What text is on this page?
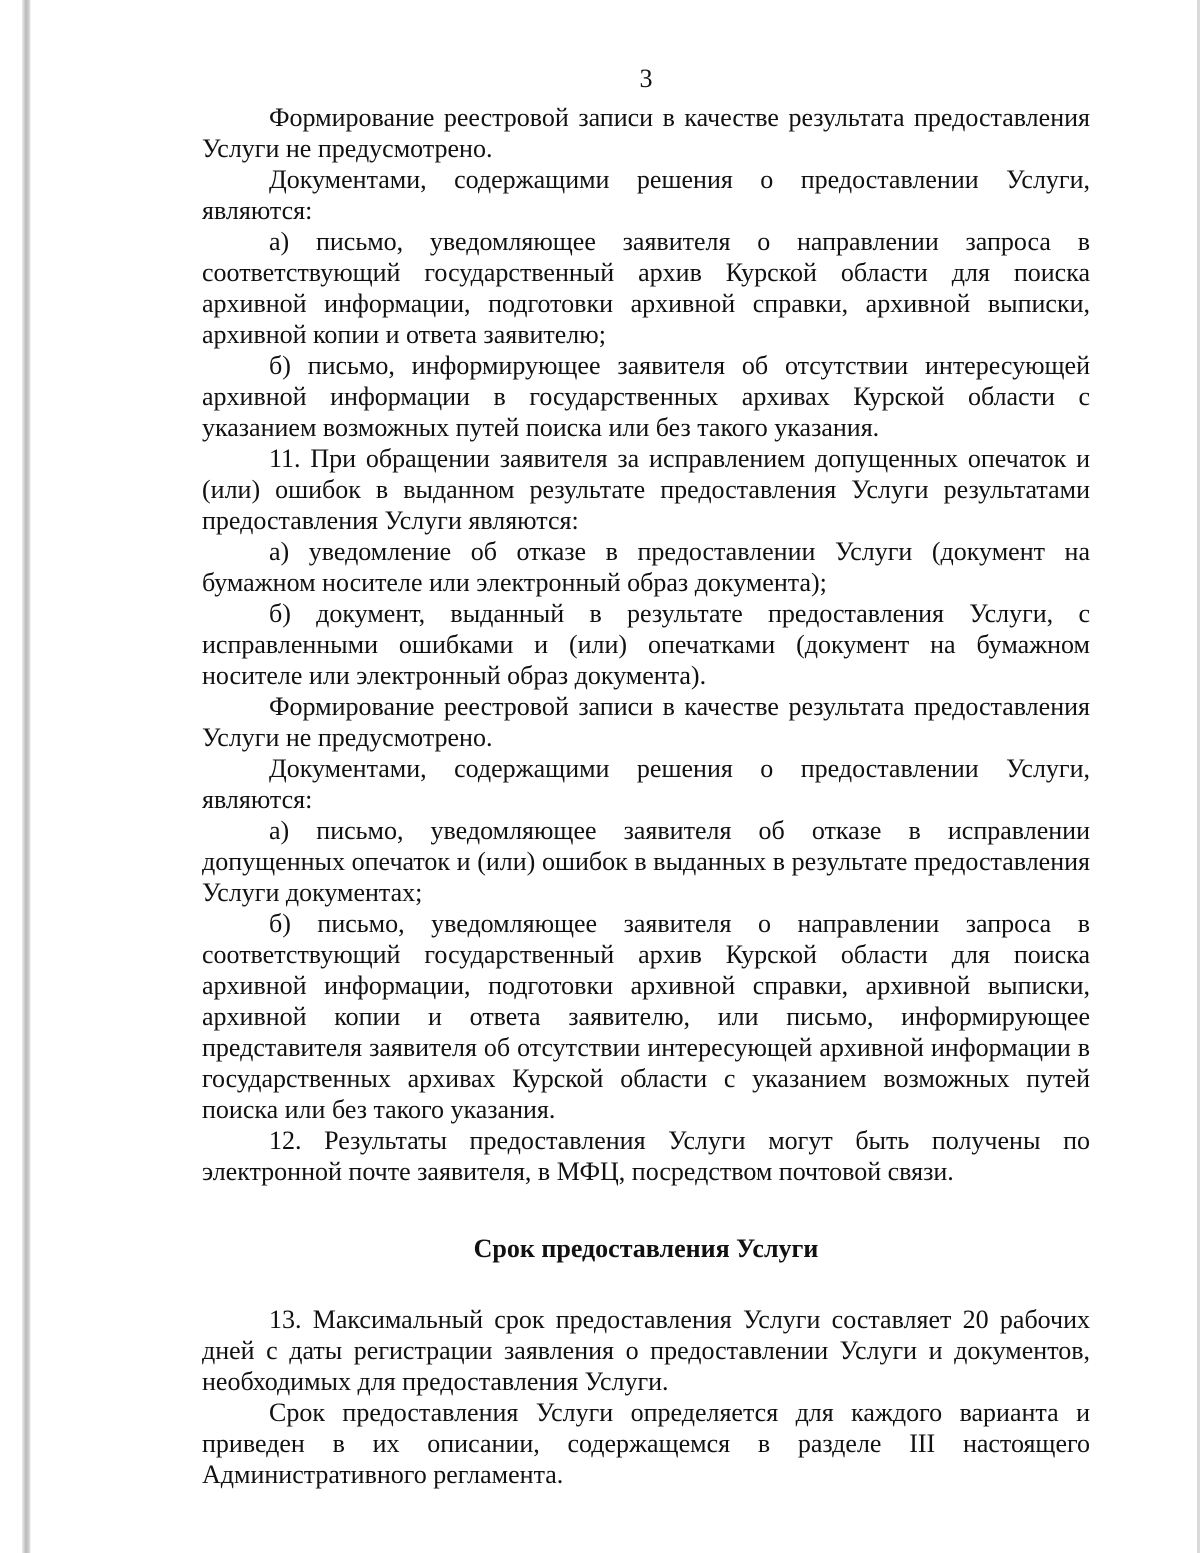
3

Формирование реестровой записи в качестве результата предоставления Услуги не предусмотрено.

Документами, содержащими решения о предоставлении Услуги, являются:

а) письмо, уведомляющее заявителя о направлении запроса в соответствующий государственный архив Курской области для поиска архивной информации, подготовки архивной справки, архивной выписки, архивной копии и ответа заявителю;

б) письмо, информирующее заявителя об отсутствии интересующей архивной информации в государственных архивах Курской области с указанием возможных путей поиска или без такого указания.

11. При обращении заявителя за исправлением допущенных опечаток и (или) ошибок в выданном результате предоставления Услуги результатами предоставления Услуги являются:

а) уведомление об отказе в предоставлении Услуги (документ на бумажном носителе или электронный образ документа);

б) документ, выданный в результате предоставления Услуги, с исправленными ошибками и (или) опечатками (документ на бумажном носителе или электронный образ документа).

Формирование реестровой записи в качестве результата предоставления Услуги не предусмотрено.

Документами, содержащими решения о предоставлении Услуги, являются:

а) письмо, уведомляющее заявителя об отказе в исправлении допущенных опечаток и (или) ошибок в выданных в результате предоставления Услуги документах;

б) письмо, уведомляющее заявителя о направлении запроса в соответствующий государственный архив Курской области для поиска архивной информации, подготовки архивной справки, архивной выписки, архивной копии и ответа заявителю, или письмо, информирующее представителя заявителя об отсутствии интересующей архивной информации в государственных архивах Курской области с указанием возможных путей поиска или без такого указания.

12. Результаты предоставления Услуги могут быть получены по электронной почте заявителя, в МФЦ, посредством почтовой связи.

Срок предоставления Услуги

13. Максимальный срок предоставления Услуги составляет 20 рабочих дней с даты регистрации заявления о предоставлении Услуги и документов, необходимых для предоставления Услуги.

Срок предоставления Услуги определяется для каждого варианта и приведен в их описании, содержащемся в разделе III настоящего Административного регламента.
